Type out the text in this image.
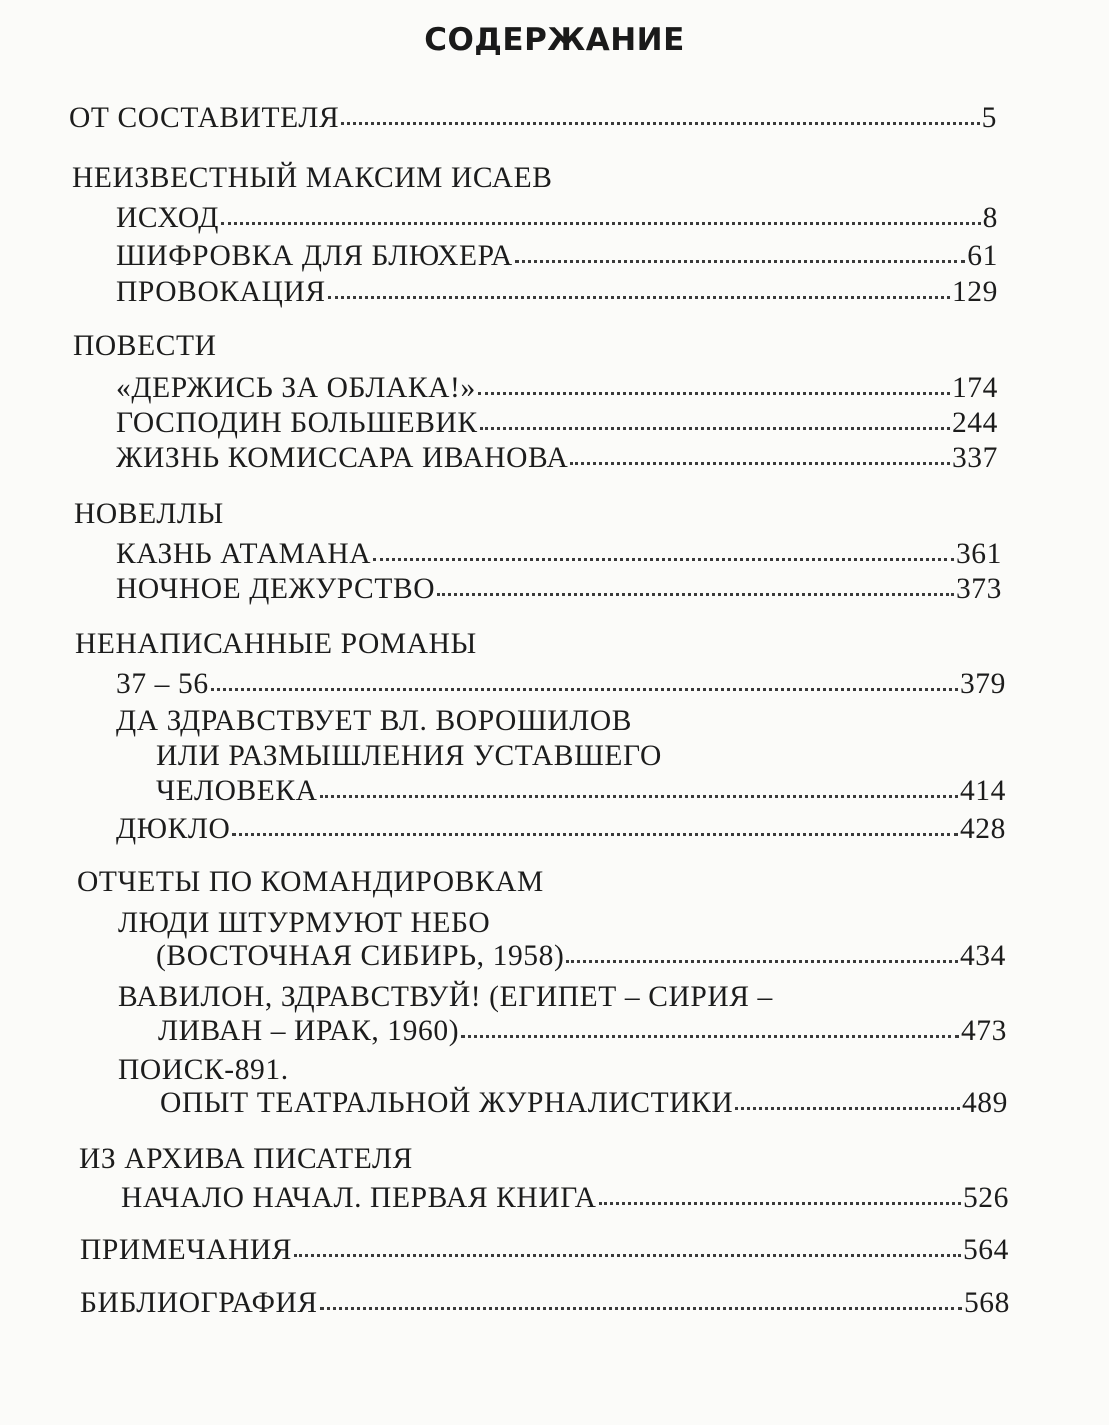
СОДЕРЖАНИЕ
ОТ СОСТАВИТЕЛЯ	5
НЕИЗВЕСТНЫЙ МАКСИМ ИСАЕВ
ИСХОД	8
ШИФРОВКА ДЛЯ БЛЮХЕРА	61
ПРОВОКАЦИЯ	129
ПОВЕСТИ
«ДЕРЖИСЬ ЗА ОБЛАКА!»	174
ГОСПОДИН БОЛЬШЕВИК	244
ЖИЗНЬ КОМИССАРА ИВАНОВА	337
НОВЕЛЛЫ
КАЗНЬ АТАМАНА	361
НОЧНОЕ ДЕЖУРСТВО	373
НЕНАПИСАННЫЕ РОМАНЫ
37 – 56	379
ДА ЗДРАВСТВУЕТ ВЛ. ВОРОШИЛОВ
ИЛИ РАЗМЫШЛЕНИЯ УСТАВШЕГО
ЧЕЛОВЕКА	414
ДЮКЛО	428
ОТЧЕТЫ ПО КОМАНДИРОВКАМ
ЛЮДИ ШТУРМУЮТ НЕБО
(ВОСТОЧНАЯ СИБИРЬ, 1958)	434
ВАВИЛОН, ЗДРАВСТВУЙ! (ЕГИПЕТ – СИРИЯ –
ЛИВАН – ИРАК, 1960)	473
ПОИСК-891.
ОПЫТ ТЕАТРАЛЬНОЙ ЖУРНАЛИСТИКИ	489
ИЗ АРХИВА ПИСАТЕЛЯ
НАЧАЛО НАЧАЛ. ПЕРВАЯ КНИГА	526
ПРИМЕЧАНИЯ	564
БИБЛИОГРАФИЯ	568
